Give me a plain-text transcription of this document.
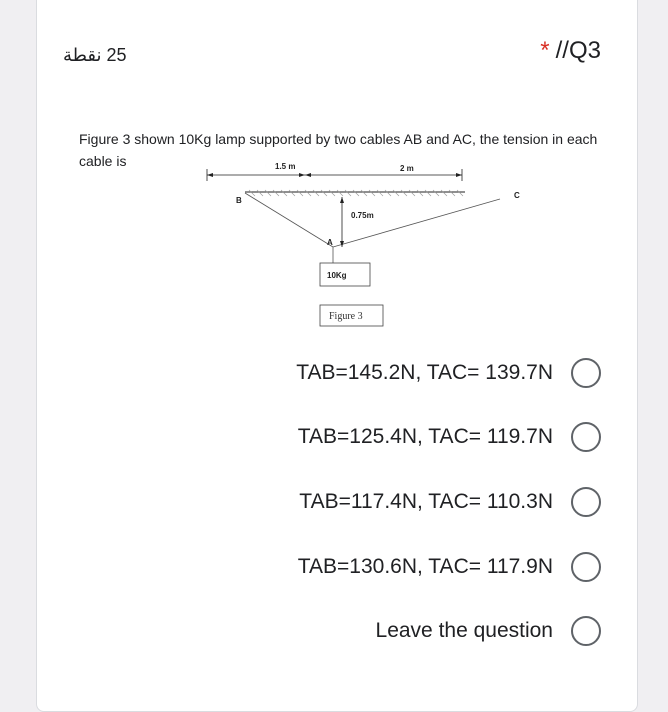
25 نقطة	* //Q3
Figure 3 shown 10Kg lamp supported by two cables AB and AC, the tension in each cable is	1.5 m	2 m
0.75m
B
C
A
10Kg
Figure 3
TAB=145.2N, TAC= 139.7N
TAB=125.4N, TAC= 119.7N
TAB=117.4N, TAC= 110.3N
TAB=130.6N, TAC= 117.9N
Leave the question
